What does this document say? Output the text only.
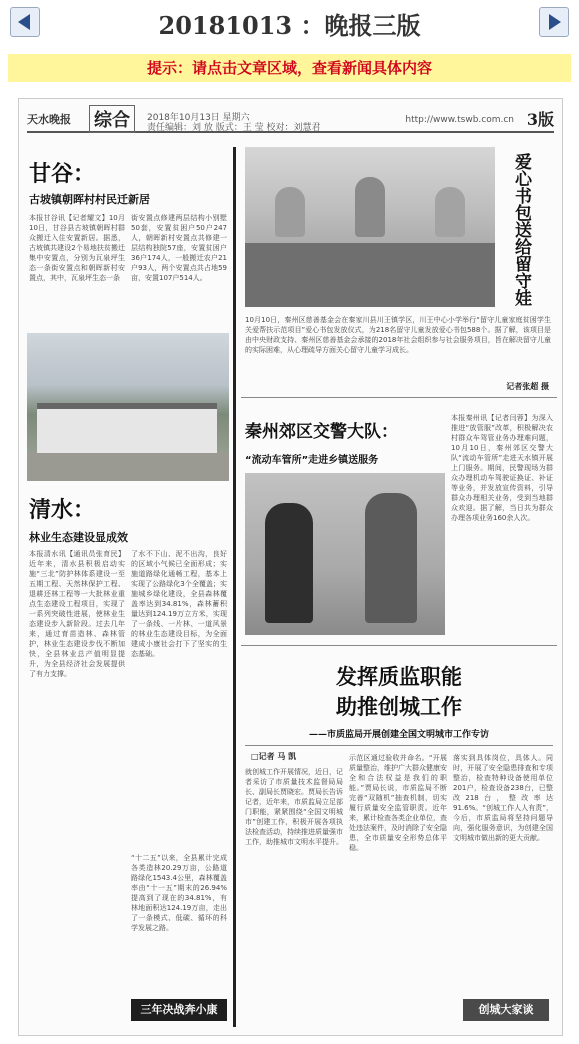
20181013 ：晚报三版
提示：请点击文章区域，查看新闻具体内容
天水晚报 综合	2018年10月13日 星期六
责任编辑：刘 放 版式：王 莹 校对：刘慧君
http://www.tswb.com.cn 3版
甘谷：
古坡镇朝晖村村民迁新居
本报甘谷讯【记者耀文】10月10日，甘谷县古坡镇朝晖村群众搬迁入住安置新居。据悉，古坡镇共建设2个易地扶贫搬迁集中安置点，分别为瓦泉坪生态一条街安置点和朝晖新村安置点，其中，瓦泉坪生态一条
街安置点修建两层结构小别墅50套，安置贫困户50户247人，朝晖新村安置点共修建一层结构独院57座，安置贫困户36户174人，一般搬迁农户21户93人，两个安置点共占地59亩，安置107户514人。
清水：
林业生态建设显成效
本报清水讯【通讯员张育民】近年来，清水县积极启动实施“三北”防护林体系建设一至五期工程、天然林保护工程、退耕还林工程等一大批林业重点生态建设工程项目，实现了一系列突破性进展，使林业生态建设步入新阶段。过去几年来，通过育苗造林、森林管护，林业生态建设步伐不断加快，全县林业总产值明显提升，为全县经济社会发展提供了有力支撑。
了水不下山、泥不出沟，良好的区域小气候已全面形成；实施道路绿化通畅工程，基本上实现了公路绿化3个全覆盖；实施城乡绿化建设，全县森林覆盖率达到34.81%，森林蓄积量达到124.19万立方米，实现了一条线、一片林、一道风景的林业生态建设目标，为全面建成小康社会打下了坚实的生态基础。
“十二五”以来，全县累计完成各类造林20.29万亩，公路道路绿化1543.4公里，森林覆盖率由“十一五”期末的26.94%提高到了现在的34.81%，有林地面积达124.19万亩，走出了一条模式、低碳、循环的科学发展之路。
三年决战奔小康
爱心书包送给留守娃
10月10日，秦州区慈善基金会在秦家川县川王镇学区，川王中心小学举行“留守儿童家庭贫困学生关爱帮扶示范项目”爱心书包发放仪式，为218名留守儿童发放爱心书包588个。据了解，该项目是由中央财政支持、秦州区慈善基金会承接的2018年社会组织参与社会服务项目，旨在解决留守儿童的实际困难，从心理疏导方面关心留守儿童学习成长。
记者张超 摄
秦州郊区交警大队：
“流动车管所”走进乡镇送服务
本报秦州讯【记者闫蓉】为深入推进“放管服”改革，积极解决农村群众车驾管业务办理难问题，10月10日，秦州郊区交警大队“流动车管所”走进天水镇开展上门服务。期间，民警现场为群众办理机动车驾驶证换证、补证等业务，并发放宣传资料，引导群众办理相关业务，受到当地群众欢迎。据了解，当日共为群众办理各项业务160余人次。
发挥质监职能
助推创城工作
——市质监局开展创建全国文明城市工作专访
□记者 马 凯
就创城工作开展情况，近日，记者采访了市质量技术监督局局长、副局长贾晓宏。贾局长告诉记者，近年来，市质监局立足部门职能，紧紧围绕“全国文明城市”创建工作，积极开展各项执法检查活动，持续推进质量强市工作，助推城市文明水平提升。
示范区通过验收并命名。“开展质量整治，维护广大群众健康安全和合法权益是我们的职能。”贾局长说，市质监局不断完善“双随机”抽查机制，切实履行质量安全监管职责。近年来，累计检查各类企业单位，查处违法案件，及时消除了安全隐患，全市质量安全形势总体平稳。
落实到具体岗位，具体人。同时，开展了安全隐患排查和专项整治，检查特种设备使用单位201户，检查设备238台，已整改218台，整改率达91.6%。“创城工作人人有责”，今后，市质监局将坚持问题导向，强化服务意识，为创建全国文明城市做出新的更大贡献。
创城大家谈
